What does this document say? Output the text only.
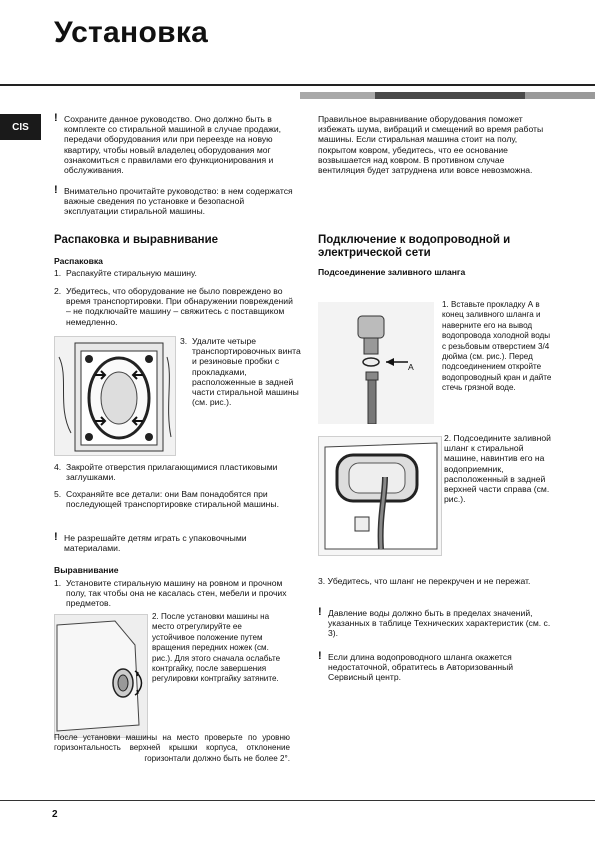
Установка
CIS
! Сохраните данное руководство. Оно должно быть в комплекте со стиральной машиной в случае продажи, передачи оборудования или при переезде на новую квартиру, чтобы новый владелец оборудования мог ознакомиться с правилами его функционирования и обслуживания.
! Внимательно прочитайте руководство: в нем содержатся важные сведения по установке и безопасной эксплуатации стиральной машины.
Распаковка и выравнивание
Распаковка
1. Распакуйте стиральную машину.
2. Убедитесь, что оборудование не было повреждено во время транспортировки. При обнаружении повреждений – не подключайте машину – свяжитесь с поставщиком немедленно.
3. Удалите четыре транспортировочных винта и резиновые пробки с прокладками, расположенные в задней части стиральной машины (см. рис.).
4. Закройте отверстия прилагающимися пластиковыми заглушками.
5. Сохраняйте все детали: они Вам понадобятся при последующей транспортировке стиральной машины.
! Не разрешайте детям играть с упаковочными материалами.
Выравнивание
1. Установите стиральную машину на ровном и прочном полу, так чтобы она не касалась стен, мебели и прочих предметов.
2. После установки машины на место отрегулируйте ее устойчивое положение путем вращения передних ножек (см. рис.). Для этого сначала ослабьте контргайку, после завершения регулировки контргайку затяните.
После установки машины на место проверьте по уровню горизонтальность верхней крышки корпуса, отклонение горизонтали должно быть не более 2°.
Правильное выравнивание оборудования поможет избежать шума, вибраций и смещений во время работы машины. Если стиральная машина стоит на полу, покрытом ковром, убедитесь, что ее основание возвышается над ковром. В противном случае вентиляция будет затруднена или вовсе невозможна.
Подключение к водопроводной и электрической сети
Подсоединение заливного шланга
A
1. Вставьте прокладку А в конец заливного шланга и наверните его на вывод водопровода холодной воды с резьбовым отверстием 3/4 дюйма (см. рис.). Перед подсоединением откройте водопроводный кран и дайте стечь грязной воде.
2. Подсоедините заливной шланг к стиральной машине, навинтив его на водоприемник, расположенный в задней верхней части справа (см. рис.).
3. Убедитесь, что шланг не перекручен и не пережат.
! Давление воды должно быть в пределах значений, указанных в таблице Технических характеристик (см. с. 3).
! Если длина водопроводного шланга окажется недостаточной, обратитесь в Авторизованный Сервисный центр.
2
